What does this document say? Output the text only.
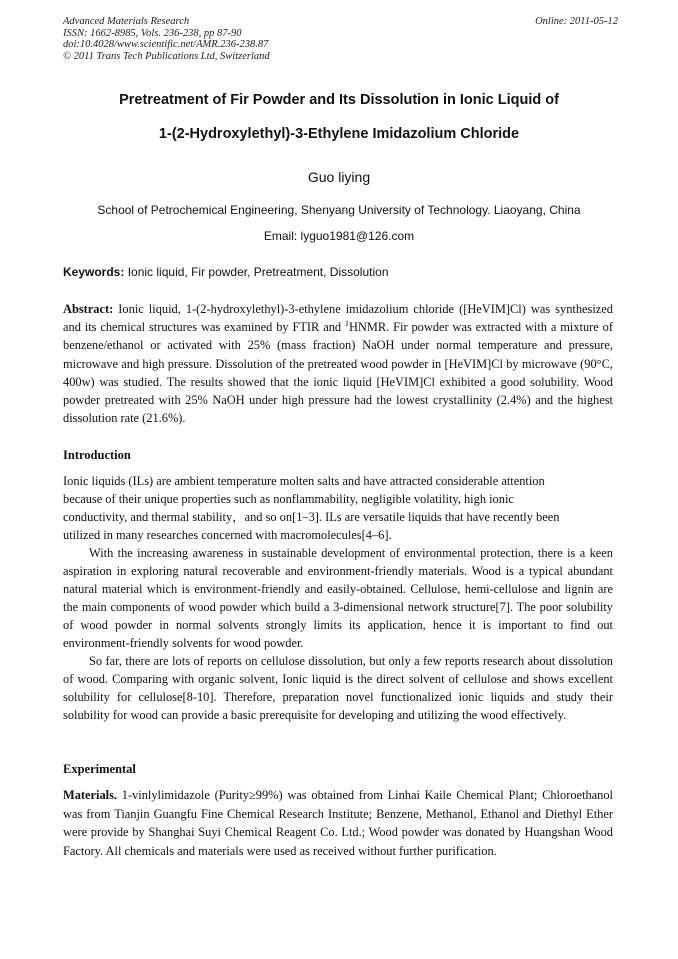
Advanced Materials Research
ISSN: 1662-8985, Vols. 236-238, pp 87-90
doi:10.4028/www.scientific.net/AMR.236-238.87
© 2011 Trans Tech Publications Ltd, Switzerland
Online: 2011-05-12
Pretreatment of Fir Powder and Its Dissolution in Ionic Liquid of
1-(2-Hydroxylethyl)-3-Ethylene Imidazolium Chloride
Guo liying
School of Petrochemical Engineering, Shenyang University of Technology. Liaoyang, China
Email: lyguo1981@126.com
Keywords: Ionic liquid, Fir powder, Pretreatment, Dissolution
Abstract: Ionic liquid, 1-(2-hydroxylethyl)-3-ethylene imidazolium chloride ([HeVIM]Cl) was synthesized and its chemical structures was examined by FTIR and $^1$HNMR. Fir powder was extracted with a mixture of benzene/ethanol or activated with 25% (mass fraction) NaOH under normal temperature and pressure, microwave and high pressure. Dissolution of the pretreated wood powder in [HeVIM]Cl by microwave (90°C, 400w) was studied. The results showed that the ionic liquid [HeVIM]Cl exhibited a good solubility. Wood powder pretreated with 25% NaOH under high pressure had the lowest crystallinity (2.4%) and the highest dissolution rate (21.6%).
Introduction
Ionic liquids (ILs) are ambient temperature molten salts and have attracted considerable attention
because of their unique properties such as nonflammability, negligible volatility, high ionic
conductivity, and thermal stability，and so on[1–3]. ILs are versatile liquids that have recently been
utilized in many researches concerned with macromolecules[4–6].
With the increasing awareness in sustainable development of environmental protection, there is a keen aspiration in exploring natural recoverable and environment-friendly materials. Wood is a typical abundant natural material which is environment-friendly and easily-obtained. Cellulose, hemi-cellulose and lignin are the main components of wood powder which build a 3-dimensional network structure[7]. The poor solubility of wood powder in normal solvents strongly limits its application, hence it is important to find out environment-friendly solvents for wood powder.
So far, there are lots of reports on cellulose dissolution, but only a few reports research about dissolution of wood. Comparing with organic solvent, Ionic liquid is the direct solvent of cellulose and shows excellent solubility for cellulose[8-10]. Therefore, preparation novel functionalized ionic liquids and study their solubility for wood can provide a basic prerequisite for developing and utilizing the wood effectively.
Experimental
Materials. 1-vinlylimidazole (Purity≥99%) was obtained from Linhai Kaile Chemical Plant; Chloroethanol was from Tianjin Guangfu Fine Chemical Research Institute; Benzene, Methanol, Ethanol and Diethyl Ether were provide by Shanghai Suyi Chemical Reagent Co. Ltd.; Wood powder was donated by Huangshan Wood Factory. All chemicals and materials were used as received without further purification.
